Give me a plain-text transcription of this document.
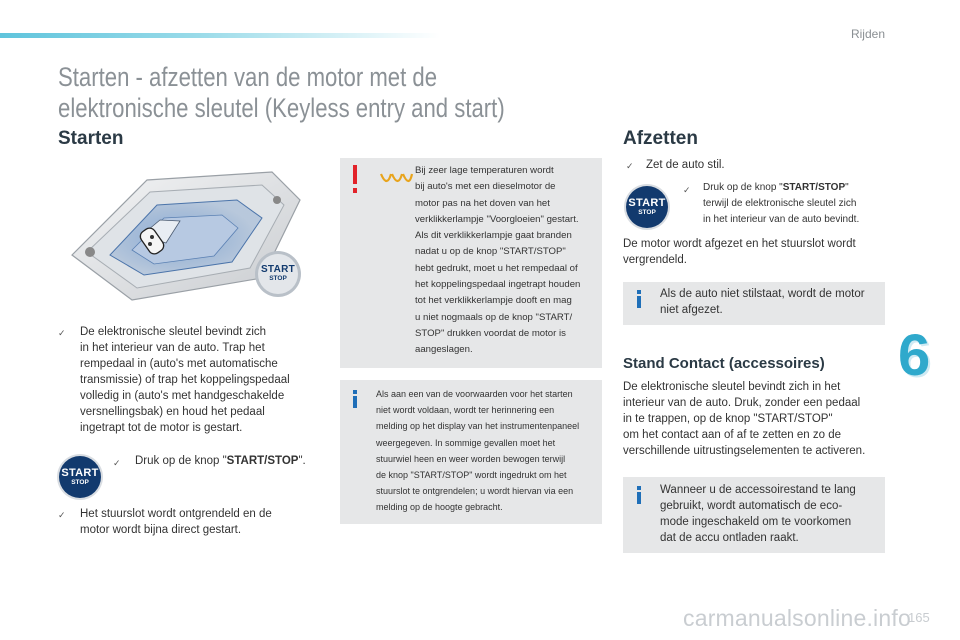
Rijden
Starten - afzetten van de motor met de
elektronische sleutel (Keyless entry and start)
Starten
START
STOP
✓ De elektronische sleutel bevindt zich
in het interieur van de auto. Trap het
rempedaal in (auto's met automatische
transmissie) of trap het koppelingspedaal
volledig in (auto's met handgeschakelde
versnellingsbak) en houd het pedaal
ingetrapt tot de motor is gestart.
START
STOP
✓ Druk op de knop "START/STOP".
✓ Het stuurslot wordt ontgrendeld en de
motor wordt bijna direct gestart.
Bij zeer lage temperaturen wordt
bij auto's met een dieselmotor de
motor pas na het doven van het
verklikkerlampje "Voorgloeien" gestart.
Als dit verklikkerlampje gaat branden
nadat u op de knop "START/STOP"
hebt gedrukt, moet u het rempedaal of
het koppelingspedaal ingetrapt houden
tot het verklikkerlampje dooft en mag
u niet nogmaals op de knop "START/
STOP" drukken voordat de motor is
aangeslagen.
Als aan een van de voorwaarden voor het starten
niet wordt voldaan, wordt ter herinnering een
melding op het display van het instrumentenpaneel
weergegeven. In sommige gevallen moet het
stuurwiel heen en weer worden bewogen terwijl
de knop "START/STOP" wordt ingedrukt om het
stuurslot te ontgrendelen; u wordt hiervan via een
melding op de hoogte gebracht.
Afzetten
✓ Zet de auto stil.
START
STOP
✓ Druk op de knop "START/STOP"
terwijl de elektronische sleutel zich
in het interieur van de auto bevindt.
De motor wordt afgezet en het stuurslot wordt
vergrendeld.
Als de auto niet stilstaat, wordt de motor
niet afgezet.
Stand Contact (accessoires)
De elektronische sleutel bevindt zich in het
interieur van de auto. Druk, zonder een pedaal
in te trappen, op de knop "START/STOP"
om het contact aan of af te zetten en zo de
verschillende uitrustingselementen te activeren.
Wanneer u de accessoirestand te lang
gebruikt, wordt automatisch de eco-
mode ingeschakeld om te voorkomen
dat de accu ontladen raakt.
6
165
carmanualsonline.info
